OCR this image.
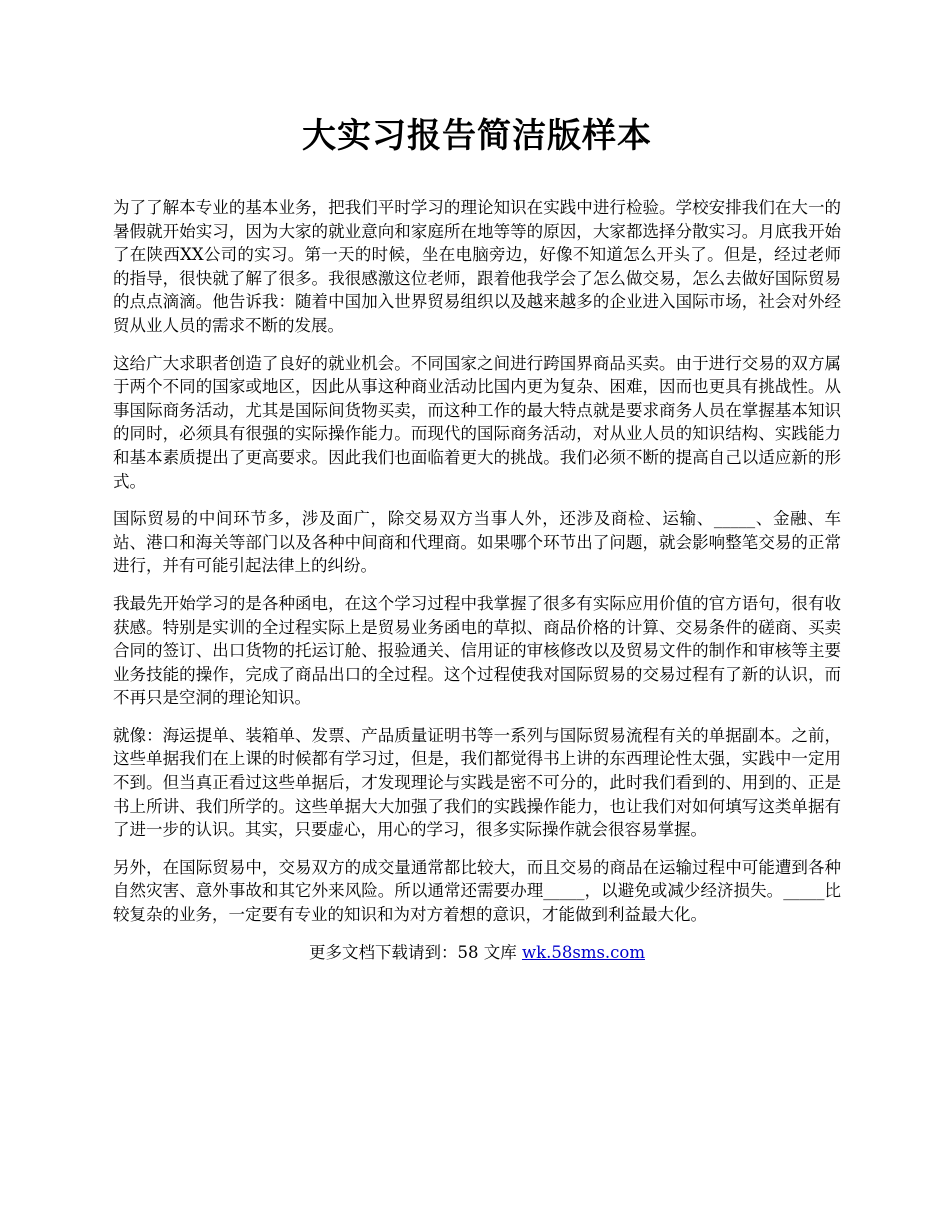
大实习报告简洁版样本

为了了解本专业的基本业务，把我们平时学习的理论知识在实践中进行检验。学校安排我们在大一的暑假就开始实习，因为大家的就业意向和家庭所在地等等的原因，大家都选择分散实习。月底我开始了在陕西XX公司的实习。第一天的时候，坐在电脑旁边，好像不知道怎么开头了。但是，经过老师的指导，很快就了解了很多。我很感激这位老师，跟着他我学会了怎么做交易，怎么去做好国际贸易的点点滴滴。他告诉我：随着中国加入世界贸易组织以及越来越多的企业进入国际市场，社会对外经贸从业人员的需求不断的发展。

这给广大求职者创造了良好的就业机会。不同国家之间进行跨国界商品买卖。由于进行交易的双方属于两个不同的国家或地区，因此从事这种商业活动比国内更为复杂、困难，因而也更具有挑战性。从事国际商务活动，尤其是国际间货物买卖，而这种工作的最大特点就是要求商务人员在掌握基本知识的同时，必须具有很强的实际操作能力。而现代的国际商务活动，对从业人员的知识结构、实践能力和基本素质提出了更高要求。因此我们也面临着更大的挑战。我们必须不断的提高自己以适应新的形式。

国际贸易的中间环节多，涉及面广，除交易双方当事人外，还涉及商检、运输、_____、金融、车站、港口和海关等部门以及各种中间商和代理商。如果哪个环节出了问题，就会影响整笔交易的正常进行，并有可能引起法律上的纠纷。

我最先开始学习的是各种函电，在这个学习过程中我掌握了很多有实际应用价值的官方语句，很有收获感。特别是实训的全过程实际上是贸易业务函电的草拟、商品价格的计算、交易条件的磋商、买卖合同的签订、出口货物的托运订舱、报验通关、信用证的审核修改以及贸易文件的制作和审核等主要业务技能的操作，完成了商品出口的全过程。这个过程使我对国际贸易的交易过程有了新的认识，而不再只是空洞的理论知识。

就像：海运提单、装箱单、发票、产品质量证明书等一系列与国际贸易流程有关的单据副本。之前，这些单据我们在上课的时候都有学习过，但是，我们都觉得书上讲的东西理论性太强，实践中一定用不到。但当真正看过这些单据后，才发现理论与实践是密不可分的，此时我们看到的、用到的、正是书上所讲、我们所学的。这些单据大大加强了我们的实践操作能力，也让我们对如何填写这类单据有了进一步的认识。其实，只要虚心，用心的学习，很多实际操作就会很容易掌握。

另外，在国际贸易中，交易双方的成交量通常都比较大，而且交易的商品在运输过程中可能遭到各种自然灾害、意外事故和其它外来风险。所以通常还需要办理_____，以避免或减少经济损失。_____比较复杂的业务，一定要有专业的知识和为对方着想的意识，才能做到利益最大化。

更多文档下载请到：58 文库 wk.58sms.com
